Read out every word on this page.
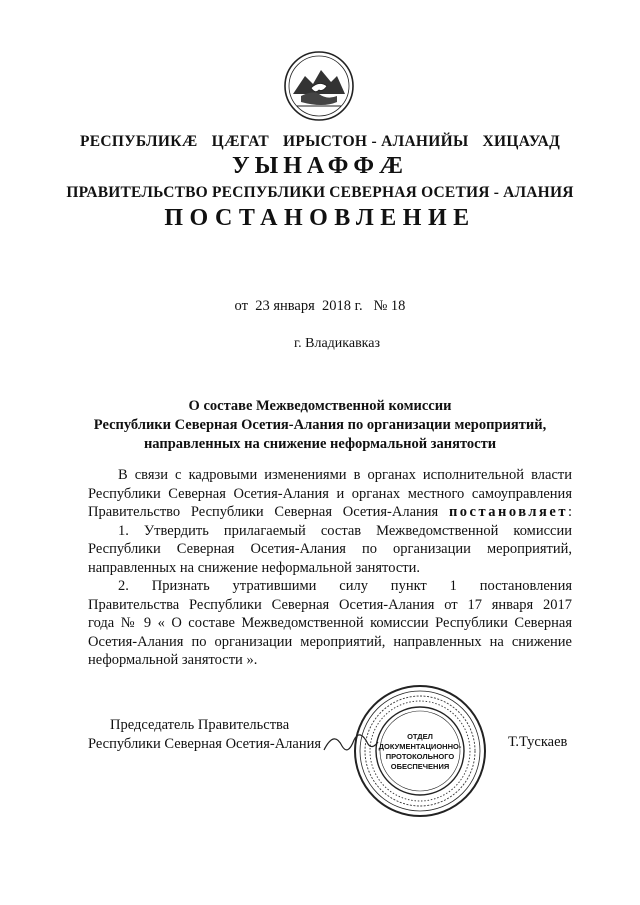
РЕСПУБЛИКӔ ЦӔГАТ ИРЫСТОН - АЛАНИЙЫ ХИЦАУАД
УЫНАФФӔ
ПРАВИТЕЛЬСТВО РЕСПУБЛИКИ СЕВЕРНАЯ ОСЕТИЯ - АЛАНИЯ
ПОСТАНОВЛЕНИЕ
от 23 января 2018 г. № 18
г. Владикавказ
О составе Межведомственной комиссии
Республики Северная Осетия-Алания по организации мероприятий,
направленных на снижение неформальной занятости

В связи с кадровыми изменениями в органах исполнительной власти

Республики Северная Осетия-Алания и органах местного самоуправления

Правительство Республики Северная Осетия-Алания постановляет:

1. Утвердить прилагаемый состав Межведомственной комиссии

Республики Северная Осетия-Алания по организации мероприятий,

направленных на снижение неформальной занятости.

2. Признать утратившими силу пункт 1 постановления

Правительства Республики Северная Осетия-Алания от 17 января 2017

года № 9 « О составе Межведомственной комиссии Республики Северная

Осетия-Алания по организации мероприятий, направленных на снижение

неформальной занятости ».

Председатель Правительства
Республики Северная Осетия-Алания	ОТДЕЛ
ДОКУМЕНТАЦИОННО-
ПРОТОКОЛЬНОГО
ОБЕСПЕЧЕНИЯ
Т.Тускаев
